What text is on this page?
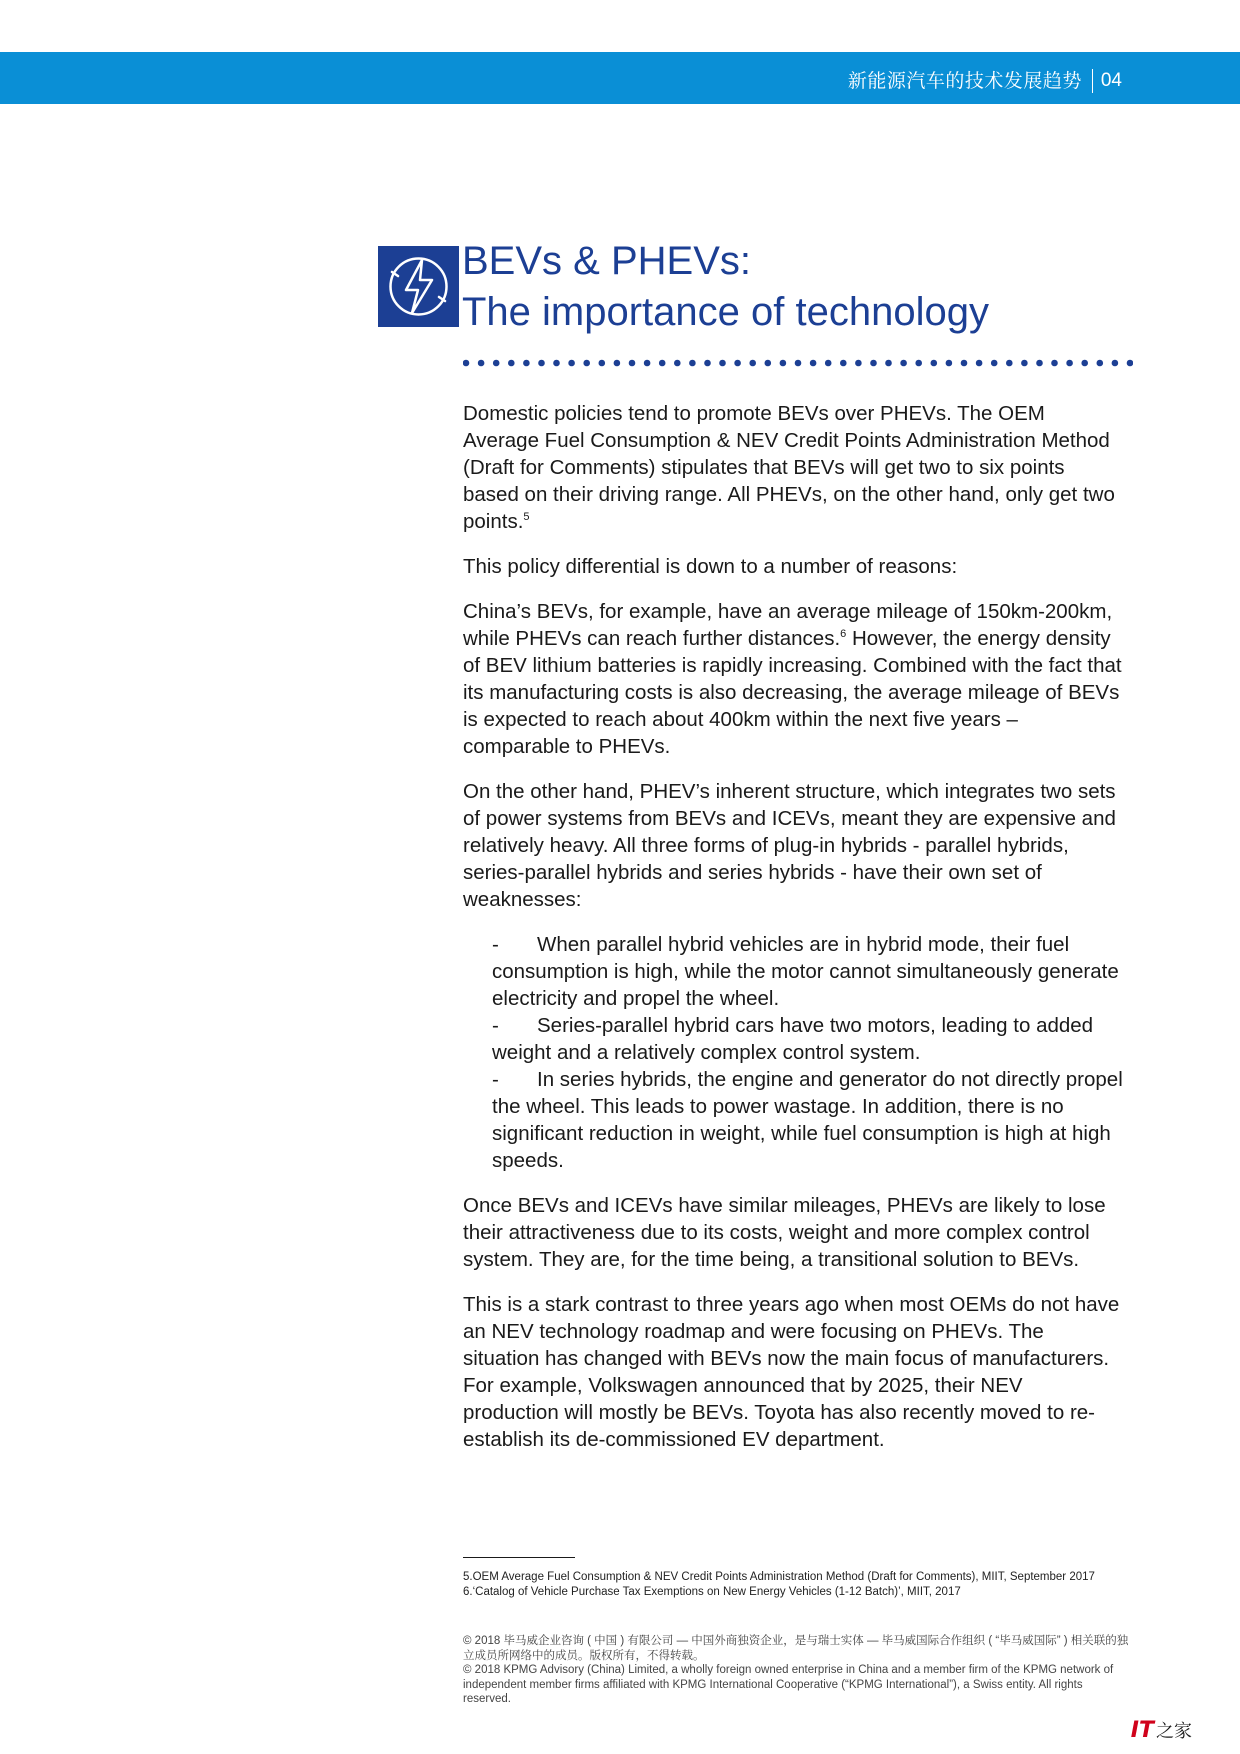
新能源汽车的技术发展趋势	04
BEVs & PHEVs:
The importance of technology

Domestic policies tend to promote BEVs over PHEVs. The OEM Average Fuel Consumption & NEV Credit Points Administration Method (Draft for Comments) stipulates that BEVs will get two to six points based on their driving range. All PHEVs, on the other hand, only get two points.$^5$

This policy differential is down to a number of reasons:

China’s BEVs, for example, have an average mileage of 150km-200km, while PHEVs can reach further distances.$^6$ However, the energy density of BEV lithium batteries is rapidly increasing. Combined with the fact that its manufacturing costs is also decreasing, the average mileage of BEVs is expected to reach about 400km within the next five years – comparable to PHEVs.

On the other hand, PHEV’s inherent structure, which integrates two sets of power systems from BEVs and ICEVs, meant they are expensive and relatively heavy. All three forms of plug-in hybrids - parallel hybrids, series-parallel hybrids and series hybrids - have their own set of weaknesses:

- When parallel hybrid vehicles are in hybrid mode, their fuel consumption is high, while the motor cannot simultaneously generate electricity and propel the wheel.
- Series-parallel hybrid cars have two motors, leading to added weight and a relatively complex control system.
- In series hybrids, the engine and generator do not directly propel the wheel. This leads to power wastage. In addition, there is no significant reduction in weight, while fuel consumption is high at high speeds.

Once BEVs and ICEVs have similar mileages, PHEVs are likely to lose their attractiveness due to its costs, weight and more complex control system. They are, for the time being, a transitional solution to BEVs.

This is a stark contrast to three years ago when most OEMs do not have an NEV technology roadmap and were focusing on PHEVs. The situation has changed with BEVs now the main focus of manufacturers. For example, Volkswagen announced that by 2025, their NEV production will mostly be BEVs. Toyota has also recently moved to re-establish its de-commissioned EV department.

5.OEM Average Fuel Consumption & NEV Credit Points Administration Method (Draft for Comments), MIIT, September 2017
6.‘Catalog of Vehicle Purchase Tax Exemptions on New Energy Vehicles (1-12 Batch)’, MIIT, 2017
© 2018 毕马威企业咨询 ( 中国 ) 有限公司 — 中国外商独资企业，是与瑞士实体 — 毕马威国际合作组织 ( “毕马威国际” ) 相关联的独立成员所网络中的成员。版权所有，不得转载。
© 2018 KPMG Advisory (China) Limited, a wholly foreign owned enterprise in China and a member firm of the KPMG network of independent member firms affiliated with KPMG International Cooperative (“KPMG International”), a Swiss entity. All rights reserved.
IT 之家
